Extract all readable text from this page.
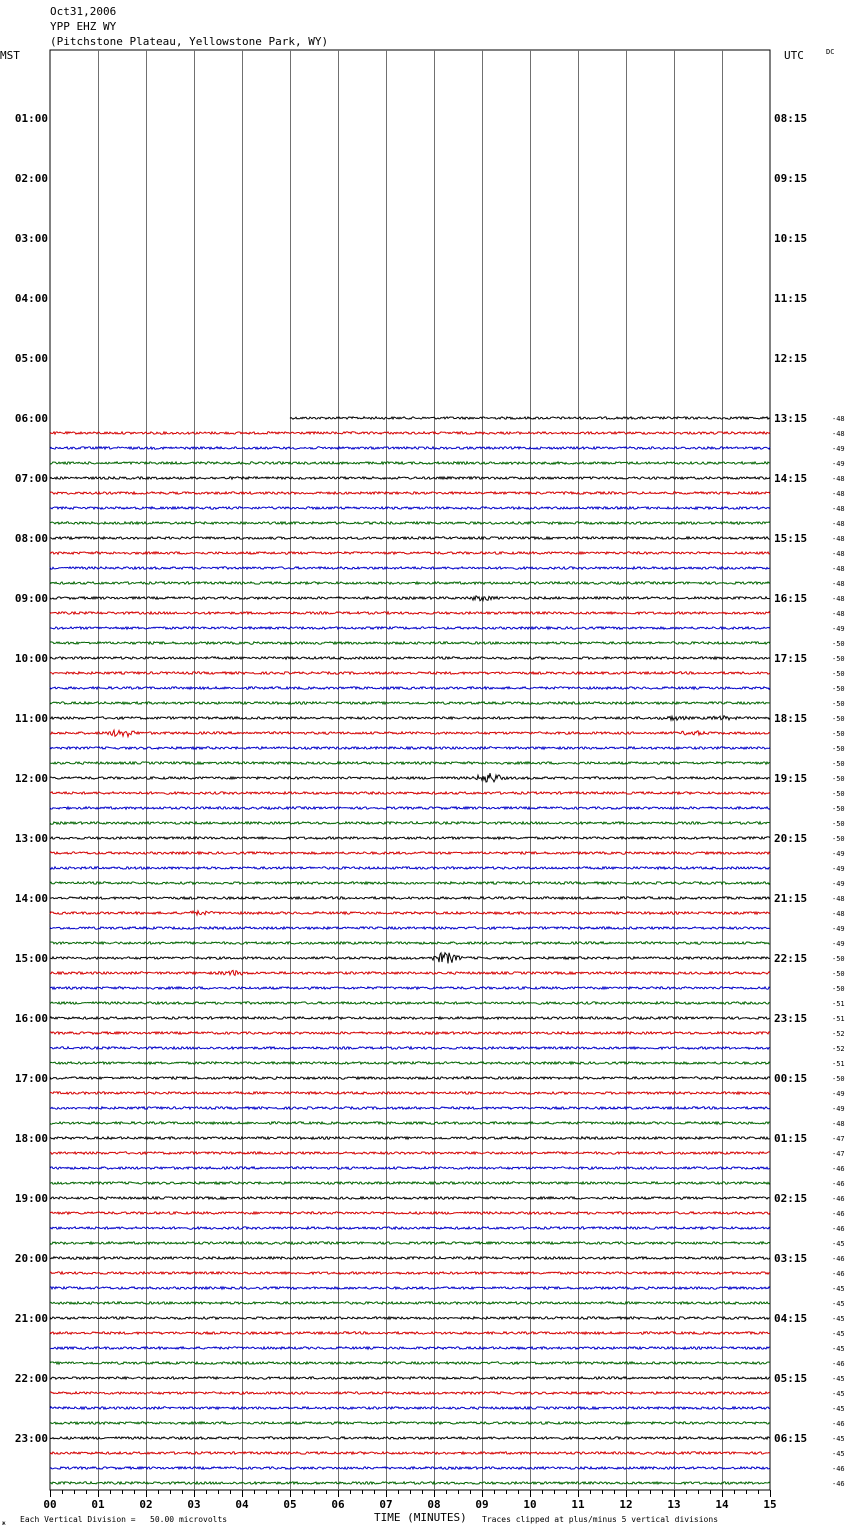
Oct31,2006
YPP EHZ WY
(Pitchstone Plateau, Yellowstone Park, WY)
MST	UTC	DC
01:00
02:00
03:00
04:00
05:00
06:00
07:00
08:00
09:00
10:00
11:00
12:00
13:00
14:00
15:00
16:00
17:00
18:00
19:00
20:00
21:00
22:00
23:00
08:15
09:15
10:15
11:15
12:15
13:15
14:15
15:15
16:15
17:15
18:15
19:15
20:15
21:15
22:15
23:15
00:15
01:15
02:15
03:15
04:15
05:15
06:15
-48
-48
-49
-49
-48
-48
-48
-48
-48
-48
-48
-48
-48
-48
-49
-50
-50
-50
-50
-50
-50
-50
-50
-50
-50
-50
-50
-50
-50
-49
-49
-49
-48
-48
-49
-49
-50
-50
-50
-51
-51
-52
-52
-51
-50
-49
-49
-48
-47
-47
-46
-46
-46
-46
-46
-45
-46
-46
-45
-45
-45
-45
-45
-46
-45
-45
-45
-46
-45
-45
-46
-46
00	01	02	03	04	05	06	07	08	09	10	11	12	13	14	15
ж Each Vertical Division =   50.00 microvolts	TIME (MINUTES) Traces clipped at plus/minus 5 vertical divisions
